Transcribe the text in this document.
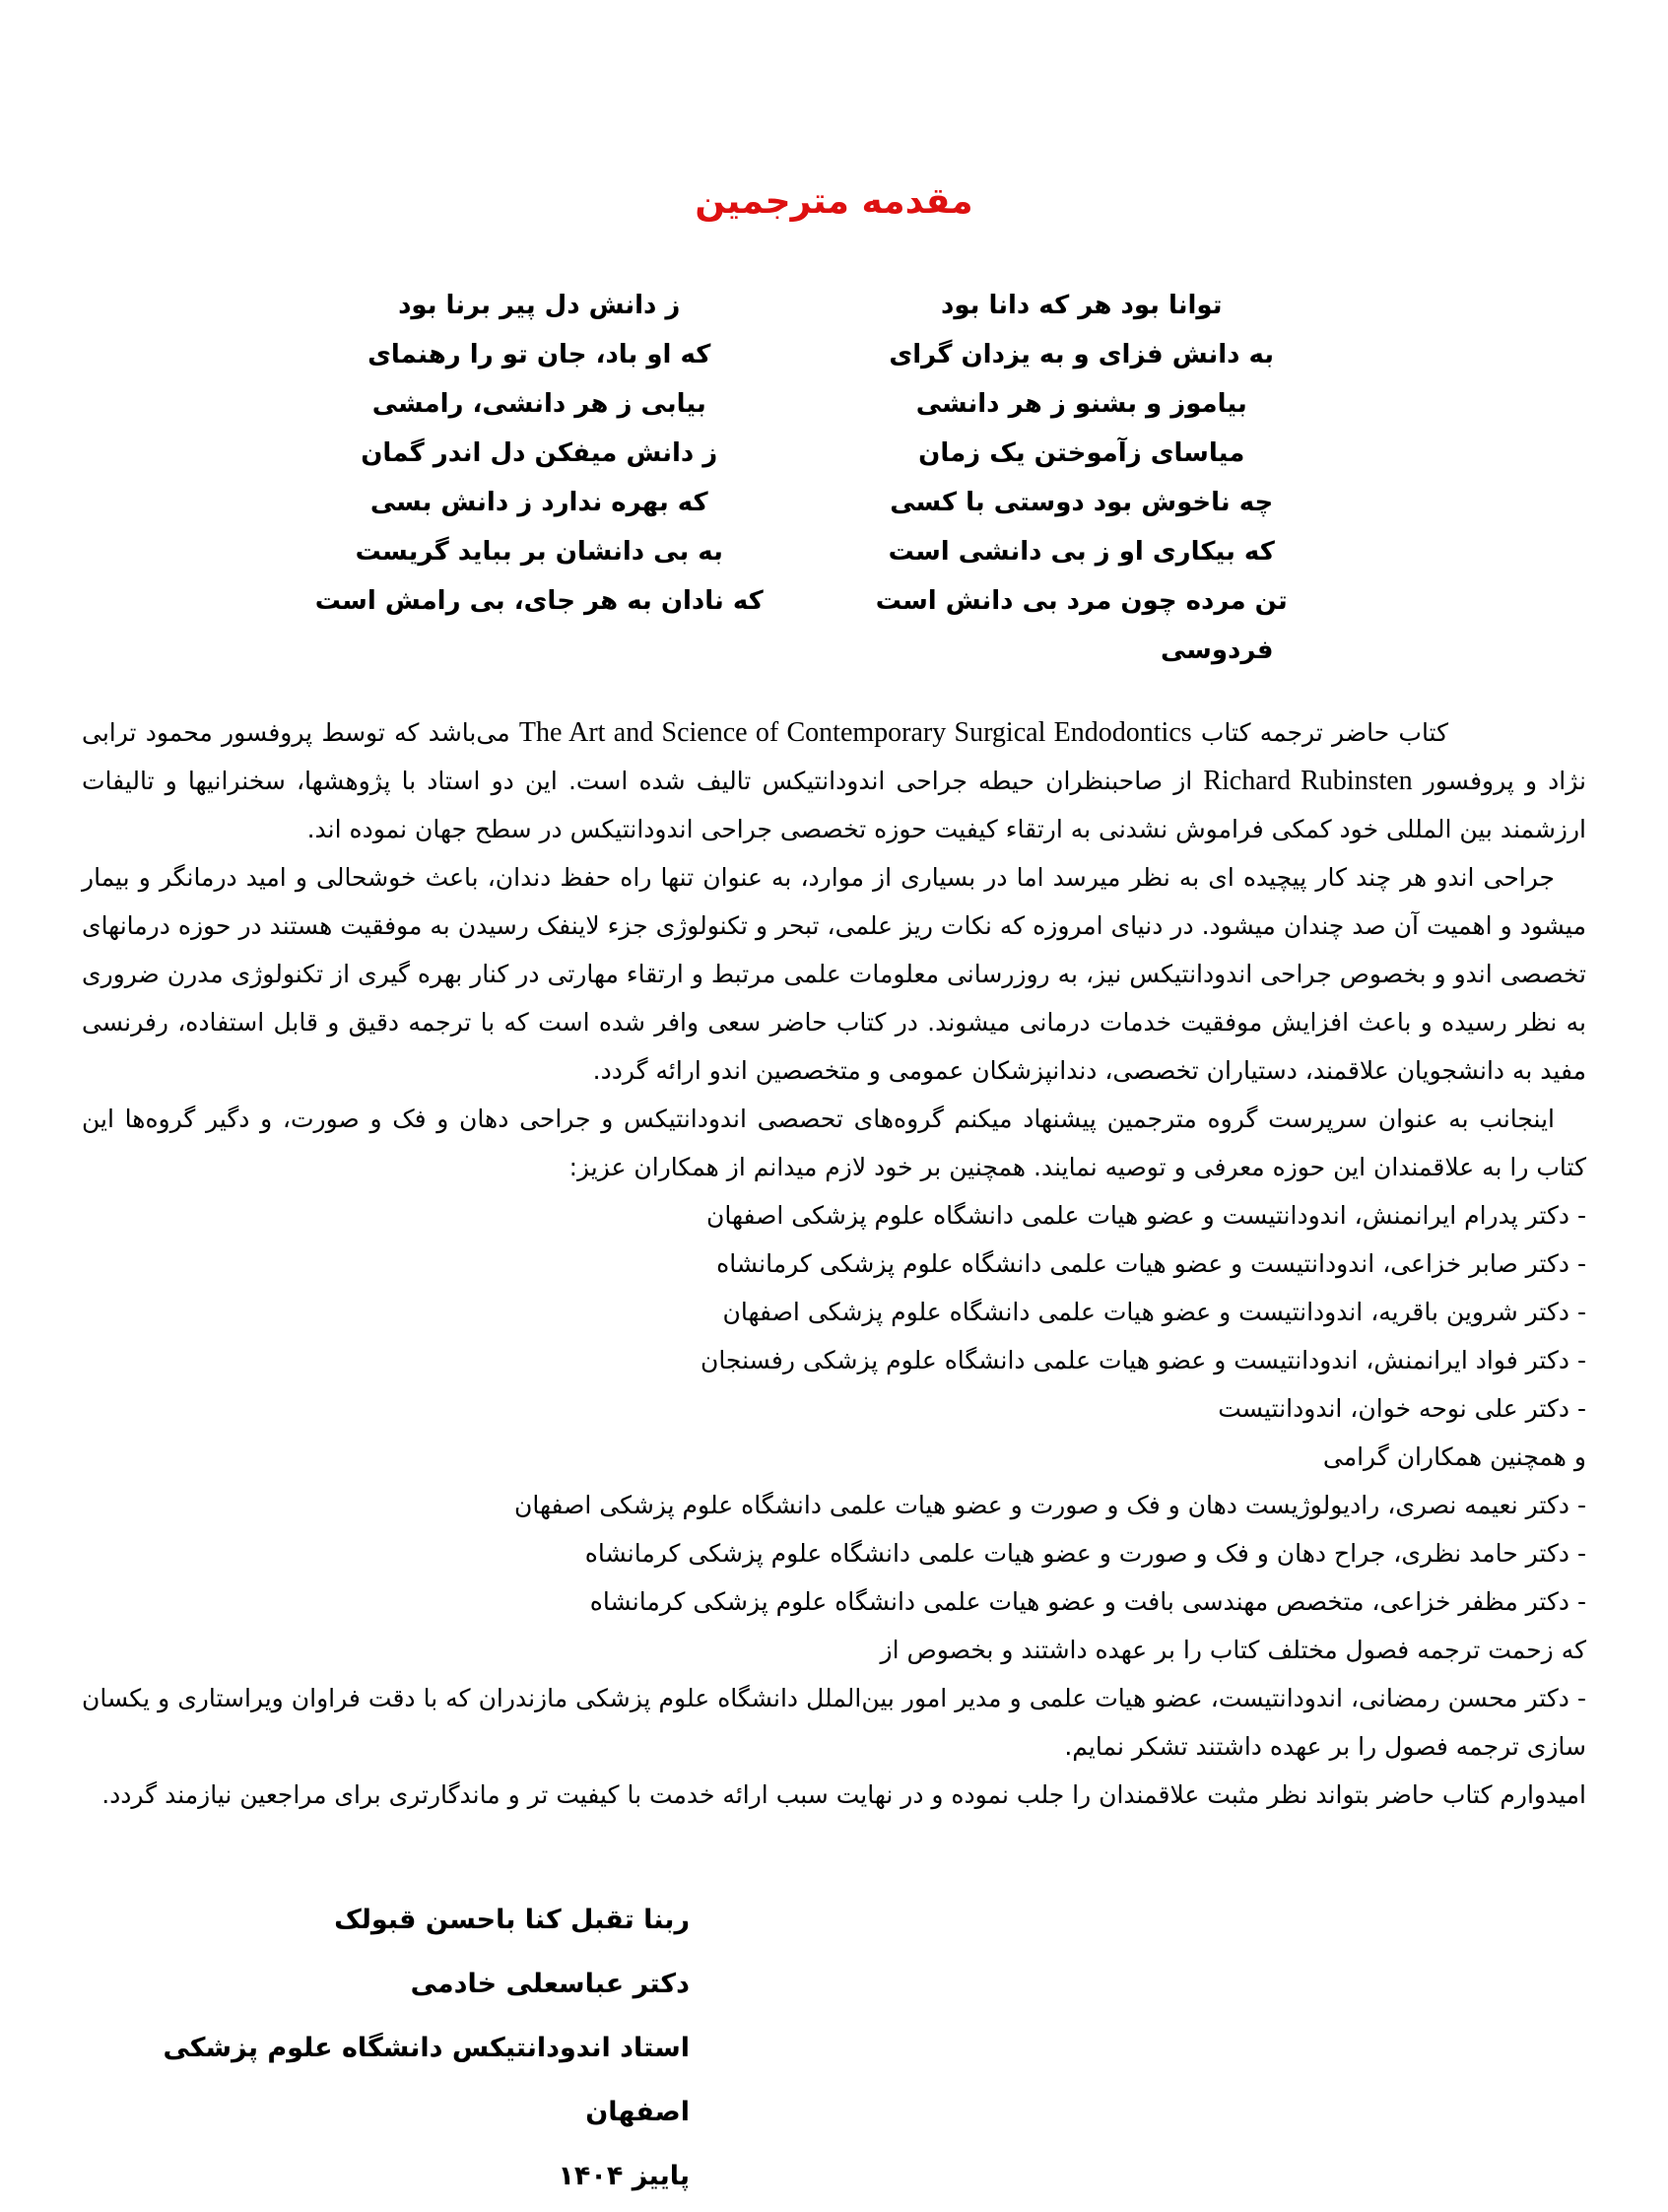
مقدمه مترجمین
توانا بود هر که دانا بود
ز دانش دل پیر برنا بود
به دانش فزای و به یزدان گرای
که او باد، جان تو را رهنمای
بیاموز و بشنو ز هر دانشی
بیابی ز هر دانشی، رامشی
میاسای زآموختن یک زمان
ز دانش میفکن دل اندر گمان
چه ناخوش بود دوستی با کسی
که بهره ندارد ز دانش بسی
که بیکاری او ز بی دانشی است
به بی دانشان بر بباید گریست
تن مرده چون مرد بی دانش است
که نادان به هر جای، بی رامش است
فردوسی

کتاب حاضر ترجمه کتاب The Art and Science of Contemporary Surgical Endodontics می‌باشد که توسط پروفسور محمود ترابی نژاد و پروفسور Richard Rubinsten از صاحبنظران حیطه جراحی اندودانتیکس تالیف شده است. این دو استاد با پژوهشها، سخنرانیها و تالیفات ارزشمند بین المللی خود کمکی فراموش نشدنی به ارتقاء کیفیت حوزه تخصصی جراحی اندودانتیکس در سطح جهان نموده اند.

جراحی اندو هر چند کار پیچیده ای به نظر میرسد اما در بسیاری از موارد، به عنوان تنها راه حفظ دندان، باعث خوشحالی و امید درمانگر و بیمار میشود و اهمیت آن صد چندان میشود. در دنیای امروزه که نکات ریز علمی، تبحر و تکنولوژی جزء لاینفک رسیدن به موفقیت هستند در حوزه درمانهای تخصصی اندو و بخصوص جراحی اندودانتیکس نیز، به روزرسانی معلومات علمی مرتبط و ارتقاء مهارتی در کنار بهره گیری از تکنولوژی مدرن ضروری به نظر رسیده و باعث افزایش موفقیت خدمات درمانی میشوند. در کتاب حاضر سعی وافر شده است که با ترجمه دقیق و قابل استفاده، رفرنسی مفید به دانشجویان علاقمند، دستیاران تخصصی، دندانپزشکان عمومی و متخصصین اندو ارائه گردد.

اینجانب به عنوان سرپرست گروه مترجمین پیشنهاد میکنم گروه‌های تحصصی اندودانتیکس و جراحی دهان و فک و صورت، و دگیر گروه‌ها این کتاب را به علاقمندان این حوزه معرفی و توصیه نمایند. همچنین بر خود لازم میدانم از همکاران عزیز:

- دکتر پدرام ایرانمنش، اندودانتیست و عضو هیات علمی دانشگاه علوم پزشکی اصفهان

- دکتر صابر خزاعی، اندودانتیست و عضو هیات علمی دانشگاه علوم پزشکی کرمانشاه

- دکتر شروین باقریه، اندودانتیست و عضو هیات علمی دانشگاه علوم پزشکی اصفهان

- دکتر فواد ایرانمنش، اندودانتیست و عضو هیات علمی دانشگاه علوم پزشکی رفسنجان

- دکتر علی نوحه خوان، اندودانتیست

و همچنین همکاران گرامی

- دکتر نعیمه نصری، رادیولوژیست دهان و فک و صورت و عضو هیات علمی دانشگاه علوم پزشکی اصفهان

- دکتر حامد نظری، جراح دهان و فک و صورت و عضو هیات علمی دانشگاه علوم پزشکی کرمانشاه

- دکتر مظفر خزاعی، متخصص مهندسی بافت و عضو هیات علمی دانشگاه علوم پزشکی کرمانشاه

که زحمت ترجمه فصول مختلف کتاب را بر عهده داشتند و بخصوص از

- دکتر محسن رمضانی، اندودانتیست، عضو هیات علمی و مدیر امور بین‌الملل دانشگاه علوم پزشکی مازندران که با دقت فراوان ویراستاری و یکسان سازی ترجمه فصول را بر عهده داشتند تشکر نمایم.

امیدوارم کتاب حاضر بتواند نظر مثبت علاقمندان را جلب نموده و در نهایت سبب ارائه خدمت با کیفیت تر و ماندگارتری برای مراجعین نیازمند گردد.

ربنا تقبل کنا باحسن قبولک
دکتر عباسعلی خادمی
استاد اندودانتیکس دانشگاه علوم پزشکی اصفهان
پاییز ۱۴۰۴
